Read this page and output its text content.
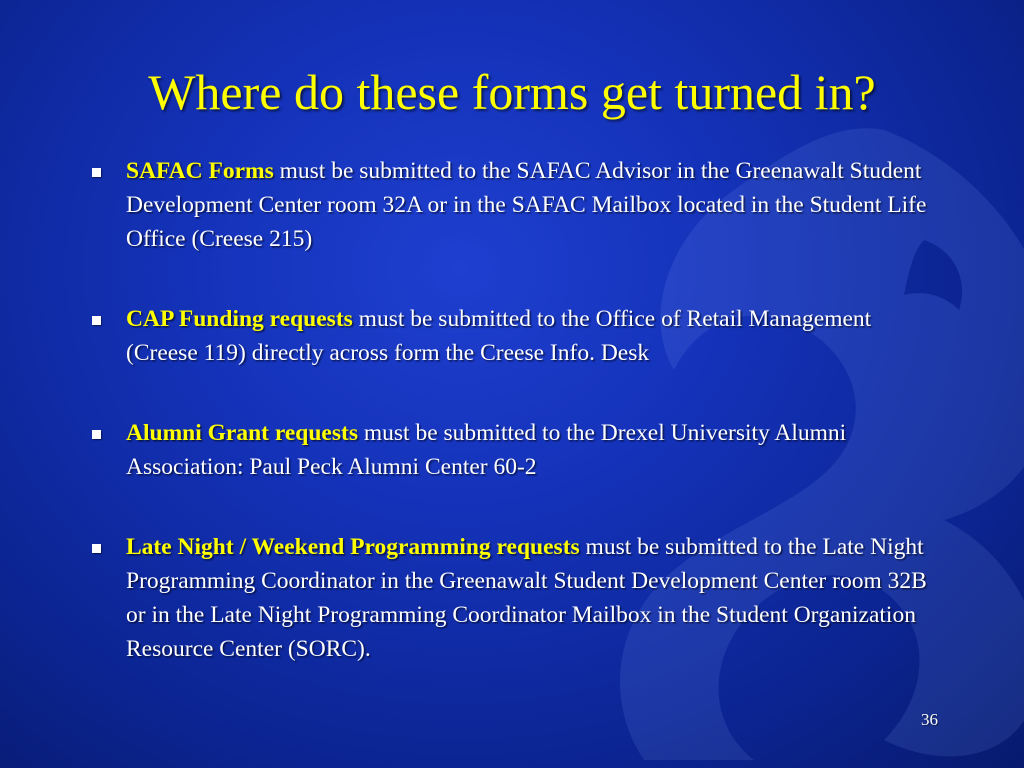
Where do these forms get turned in?
SAFAC Forms must be submitted to the SAFAC Advisor in the Greenawalt Student Development Center room 32A or in the SAFAC Mailbox located in the Student Life Office (Creese 215)
CAP Funding requests must be submitted to the Office of Retail Management (Creese 119) directly across form the Creese Info. Desk
Alumni Grant requests must be submitted to the Drexel University Alumni Association: Paul Peck Alumni Center 60-2
Late Night / Weekend Programming requests must be submitted to the Late Night Programming Coordinator in the Greenawalt Student Development Center room 32B or in the Late Night Programming Coordinator Mailbox in the Student Organization Resource Center (SORC).
36
